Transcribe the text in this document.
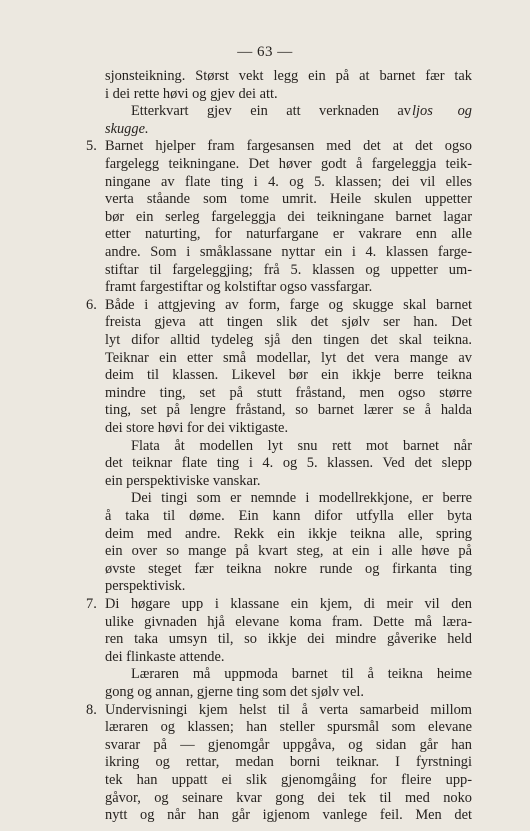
— 63 —
sjonsteikning. Størst vekt legg ein på at barnet fær tak
i dei rette høvi og gjev dei att.
Etterkvart gjev ein att verknaden av ljos og
skugge.
5. Barnet hjelper fram fargesansen med det at det ogso
fargelegg teikningane. Det høver godt å fargeleggja teik-
ningane av flate ting i 4. og 5. klassen; dei vil elles
verta ståande som tome umrit. Heile skulen uppetter
bør ein serleg fargeleggja dei teikningane barnet lagar
etter naturting, for naturfargane er vakrare enn alle
andre. Som i småklassane nyttar ein i 4. klassen farge-
stiftar til fargeleggjing; frå 5. klassen og uppetter um-
framt fargestiftar og kolstiftar ogso vassfargar.
6. Både i attgjeving av form, farge og skugge skal barnet
freista gjeva att tingen slik det sjølv ser han. Det
lyt difor alltid tydeleg sjå den tingen det skal teikna.
Teiknar ein etter små modellar, lyt det vera mange av
deim til klassen. Likevel bør ein ikkje berre teikna
mindre ting, set på stutt fråstand, men ogso større
ting, set på lengre fråstand, so barnet lærer se å halda
dei store høvi for dei viktigaste.
Flata åt modellen lyt snu rett mot barnet når
det teiknar flate ting i 4. og 5. klassen. Ved det slepp
ein perspektiviske vanskar.
Dei tingi som er nemnde i modellrekkjone, er berre
å taka til døme. Ein kann difor utfylla eller byta
deim med andre. Rekk ein ikkje teikna alle, spring
ein over so mange på kvart steg, at ein i alle høve på
øvste steget fær teikna nokre runde og firkanta ting
perspektivisk.
7. Di høgare upp i klassane ein kjem, di meir vil den
ulike givnaden hjå elevane koma fram. Dette må læra-
ren taka umsyn til, so ikkje dei mindre gåverike held
dei flinkaste attende.
Læraren må uppmoda barnet til å teikna heime
gong og annan, gjerne ting som det sjølv vel.
8. Undervisningi kjem helst til å verta samarbeid millom
læraren og klassen; han steller spursmål som elevane
svarar på — gjenomgår uppgåva, og sidan går han
ikring og rettar, medan borni teiknar. I fyrstningi
tek han uppatt ei slik gjenomgåing for fleire upp-
gåvor, og seinare kvar gong dei tek til med noko
nytt og når han går igjenom vanlege feil. Men det
